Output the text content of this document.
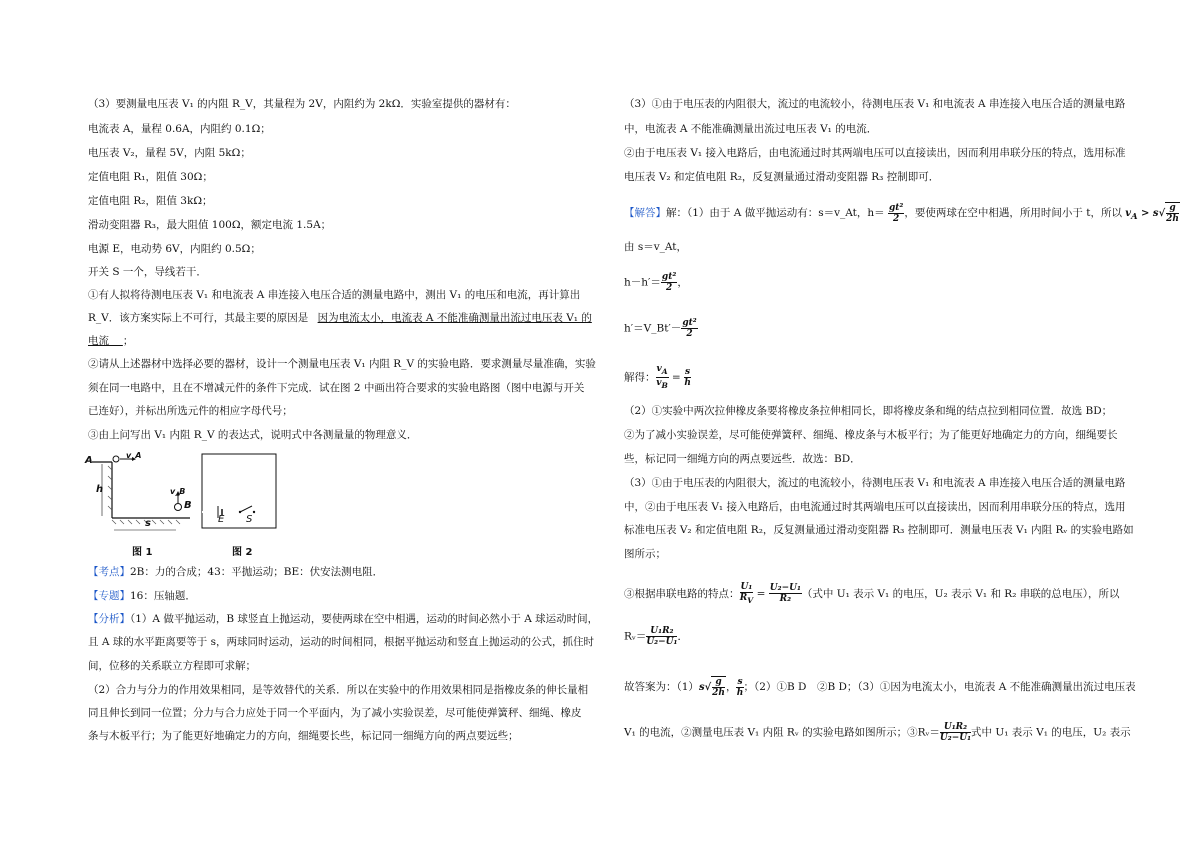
（3）要测量电压表 V₁ 的内阻 R_V，其量程为 2V，内阻约为 2kΩ．实验室提供的器材有：
电流表 A，量程 0.6A，内阻约 0.1Ω；
电压表 V₂，量程 5V，内阻 5kΩ；
定值电阻 R₁，阻值 30Ω；
定值电阻 R₂，阻值 3kΩ；
滑动变阻器 R₃，最大阻值 100Ω，额定电流 1.5A；
电源 E，电动势 6V，内阻约 0.5Ω；
开关 S 一个，导线若干．
①有人拟将待测电压表 V₁ 和电流表 A 串连接入电压合适的测量电路中，测出 V₁ 的电压和电流，再计算出
R_V．该方案实际上不可行，其最主要的原因是 因为电流太小，电流表 A 不能准确测量出流过电压表 V₁ 的
电流　 ；
②请从上述器材中选择必要的器材，设计一个测量电压表 V₁ 内阻 R_V 的实验电路．要求测量尽量准确，实验
须在同一电路中，且在不增减元件的条件下完成．试在图 2 中画出符合要求的实验电路图（图中电源与开关
已连好），并标出所选元件的相应字母代号；
③由上问写出 V₁ 内阻 R_V 的表达式，说明式中各测量量的物理意义．
A	v_A
h	v_B
B
s
图 1
E S
图 2
【考点】2B：力的合成；43：平抛运动；BE：伏安法测电阻．
【专题】16：压轴题．
【分析】（1）A 做平抛运动，B 球竖直上抛运动，要使两球在空中相遇，运动的时间必然小于 A 球运动时间，
且 A 球的水平距离要等于 s，两球同时运动，运动的时间相同，根据平抛运动和竖直上抛运动的公式，抓住时
间，位移的关系联立方程即可求解；
（2）合力与分力的作用效果相同，是等效替代的关系．所以在实验中的作用效果相同是指橡皮条的伸长量相
同且伸长到同一位置；分力与合力应处于同一个平面内，为了减小实验误差，尽可能使弹簧秤、细绳、橡皮
条与木板平行；为了能更好地确定力的方向，细绳要长些，标记同一细绳方向的两点要远些；
（3）①由于电压表的内阻很大，流过的电流较小，待测电压表 V₁ 和电流表 A 串连接入电压合适的测量电路
中，电流表 A 不能准确测量出流过电压表 V₁ 的电流．
②由于电压表 V₁ 接入电路后，由电流通过时其两端电压可以直接读出，因而利用串联分压的特点，选用标准
电压表 V₂ 和定值电阻 R₂，反复测量通过滑动变阻器 R₃ 控制即可．
【解答】解：（1）由于 A 做平抛运动有：s＝v_At，$h= \frac{\text{gt²}}{2}$ ，要使两球在空中相遇，所用时间小于 t，所以 $v_A > s√ \frac{g}{2h}$
由 s＝v_At，
$h-h'= \frac{\text{gt²}}{2}$ ，
h′＝V_Bt′－ $\frac{\text{gt²}}{2}$
解得： $\frac{v_A}{v_B} = \frac{s}{h}$
（2）①实验中两次拉伸橡皮条要将橡皮条拉伸相同长，即将橡皮条和绳的结点拉到相同位置．故选 BD；
②为了减小实验误差，尽可能使弹簧秤、细绳、橡皮条与木板平行；为了能更好地确定力的方向，细绳要长
些，标记同一细绳方向的两点要远些．故选：BD．
（3）①由于电压表的内阻很大，流过的电流较小，待测电压表 V₁ 和电流表 A 串连接入电压合适的测量电路
中，②由于电压表 V₁ 接入电路后，由电流通过时其两端电压可以直接读出，因而利用串联分压的特点，选用
标准电压表 V₂ 和定值电阻 R₂，反复测量通过滑动变阻器 R₃ 控制即可．测量电压表 V₁ 内阻 Rᵥ 的实验电路如
图所示；
③根据串联电路的特点： $\frac{\text{U₁}}{R_V} = \frac{\text{U₂−U₁}}{\text{R₂}}$ （式中 U₁ 表示 V₁ 的电压，U₂ 表示 V₁ 和 R₂ 串联的总电压），所以
Rᵥ＝ $\frac{\text{U₁R₂}}{\text{U₂−U₁}}$ ．
故答案为：$(1)s√ \frac{g}{2h}$ ， $\frac{s}{h}$ ；（2）①B D　②B D；（3）①因为电流太小，电流表 A 不能准确测量出流过电压表
V₁ 的电流，②测量电压表 V₁ 内阻 Rᵥ 的实验电路如图所示；③Rᵥ＝ $\frac{\text{U₁R₂}}{\text{U₂−U₁}}$ 式中 U₁ 表示 V₁ 的电压，U₂ 表示
